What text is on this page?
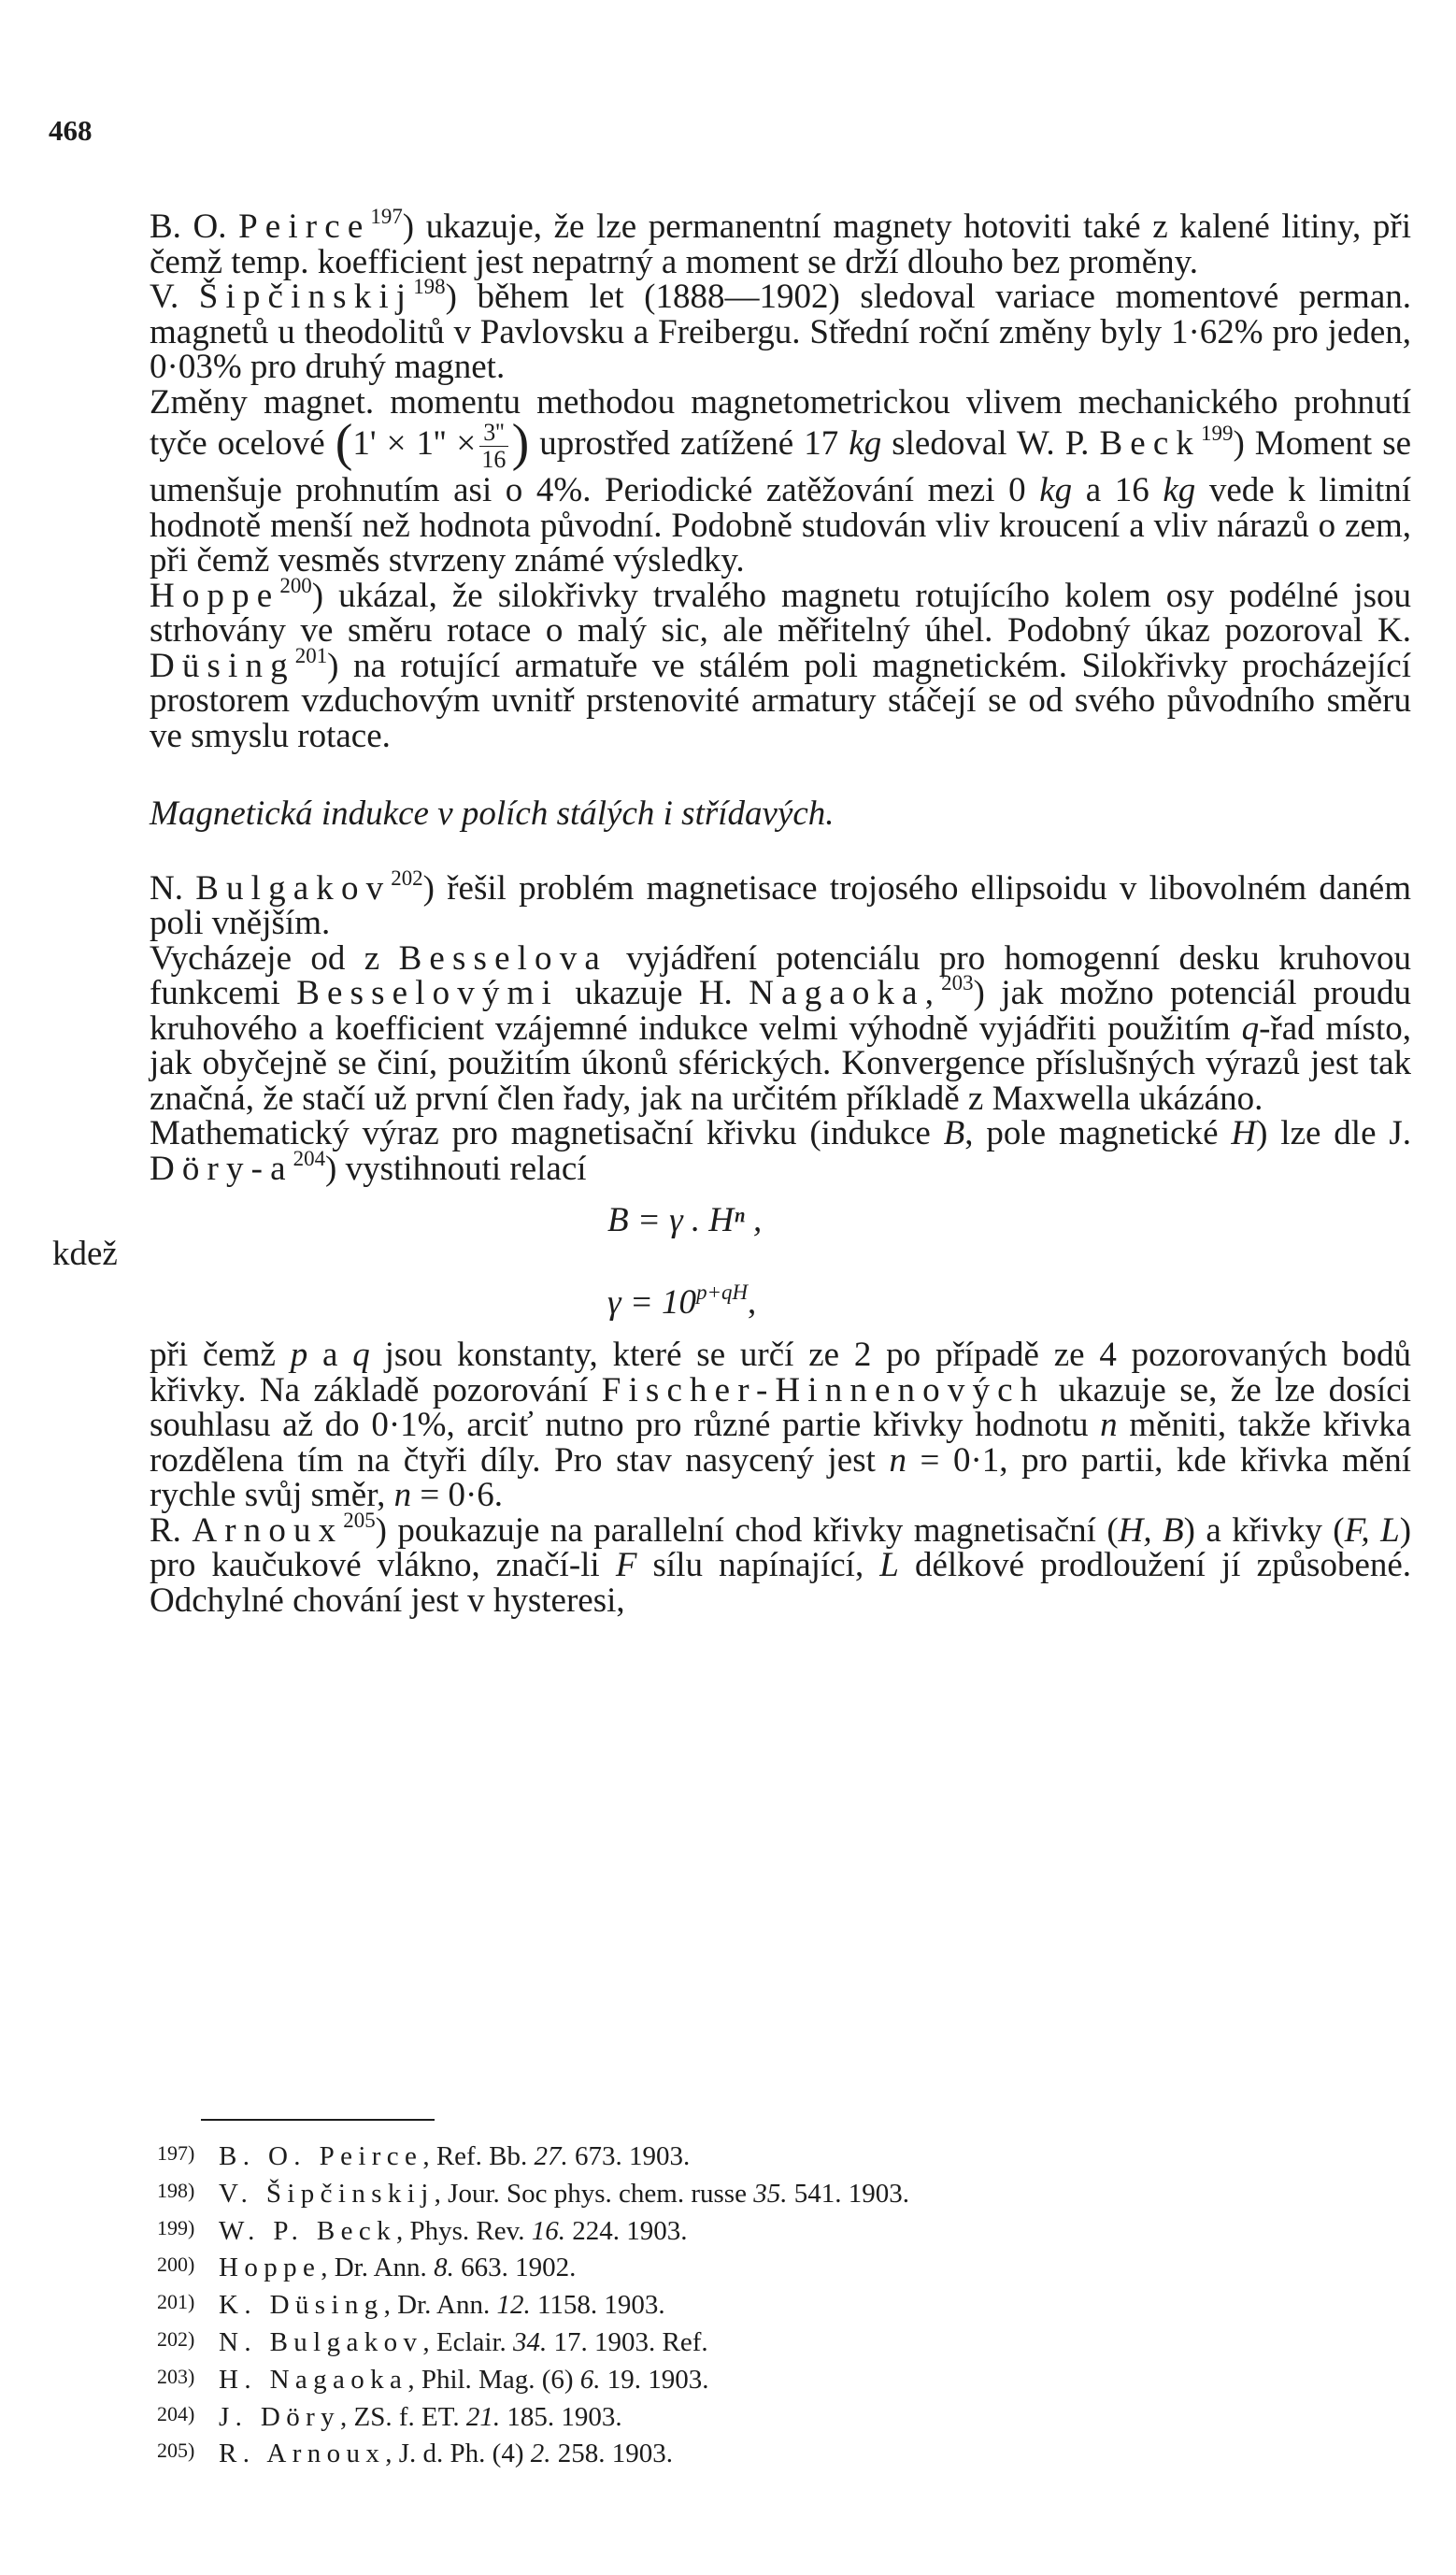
468

B. O. Peirce$^{197}$) ukazuje, že lze permanentní magnety hotoviti také z kalené litiny, při čemž temp. koefficient jest nepatrný a moment se drží dlouho bez proměny.

V. Šipčinskij$^{198}$) během let (1888—1902) sledoval variace momentové perman. magnetů u theodolitů v Pavlovsku a Freibergu. Střední roční změny byly 1·62% pro jeden, 0·03% pro druhý magnet.

Změny magnet. momentu methodou magnetometrickou vlivem mechanického prohnutí tyče ocelové ($1' \times 1'' \times \frac{3''}{16}$ ) uprostřed zatížené 17 kg sledoval W. P. Beck$^{199}$) Moment se umenšuje prohnutím asi o 4%. Periodické zatěžování mezi 0 kg a 16 kg vede k limitní hodnotě menší než hodnota původní. Podobně studován vliv kroucení a vliv nárazů o zem, při čemž vesměs stvrzeny známé výsledky.

Hoppe$^{200}$) ukázal, že silokřivky trvalého magnetu rotujícího kolem osy podélné jsou strhovány ve směru rotace o malý sic, ale měřitelný úhel. Podobný úkaz pozoroval K. Düsing$^{201}$) na rotující armatuře ve stálém poli magnetickém. Silokřivky procházející prostorem vzduchovým uvnitř prstenovité armatury stáčejí se od svého původního směru ve smyslu rotace.

Magnetická indukce v polích stálých i střídavých.

N. Bulgakov$^{202}$) řešil problém magnetisace trojosého ellipsoidu v libovolném daném poli vnějším.

Vycházeje od z Besselova vyjádření potenciálu pro homogenní desku kruhovou funkcemi Besselovými ukazuje H. Nagaoka,$^{203}$) jak možno potenciál proudu kruhového a koefficient vzájemné indukce velmi výhodně vyjádřiti použitím q-řad místo, jak obyčejně se činí, použitím úkonů sférických. Konvergence příslušných výrazů jest tak značná, že stačí už první člen řady, jak na určitém příkladě z Maxwella ukázáno.

Mathematický výraz pro magnetisační křivku (indukce B, pole magnetické H) lze dle J. Döry-$a^{204}$) vystihnouti relací

B = γ . Hⁿ ,
kdež
$\gamma = 10^{p+qH}$,

při čemž p a q jsou konstanty, které se určí ze 2 po případě ze 4 pozorovaných bodů křivky. Na základě pozorování Fischer-Hinnenových ukazuje se, že lze dosíci souhlasu až do 0·1%, arciť nutno pro různé partie křivky hodnotu n měniti, takže křivka rozdělena tím na čtyři díly. Pro stav nasycený jest n = 0·1, pro partii, kde křivka mění rychle svůj směr, n = 0·6.

R. Arnoux$^{205}$) poukazuje na parallelní chod křivky magnetisační (H, B) a křivky (F, L) pro kaučukové vlákno, značí-li F sílu napínající, L délkové prodloužení jí způsobené. Odchylné chování jest v hysteresi,

197) B. O. Peirce, Ref. Bb. 27. 673. 1903.
198) V. Šipčinskij, Jour. Soc phys. chem. russe 35. 541. 1903.
199) W. P. Beck, Phys. Rev. 16. 224. 1903.
200) Hoppe, Dr. Ann. 8. 663. 1902.
201) K. Düsing, Dr. Ann. 12. 1158. 1903.
202) N. Bulgakov, Eclair. 34. 17. 1903. Ref.
203) H. Nagaoka, Phil. Mag. (6) 6. 19. 1903.
204) J. Döry, ZS. f. ET. 21. 185. 1903.
205) R. Arnoux, J. d. Ph. (4) 2. 258. 1903.
